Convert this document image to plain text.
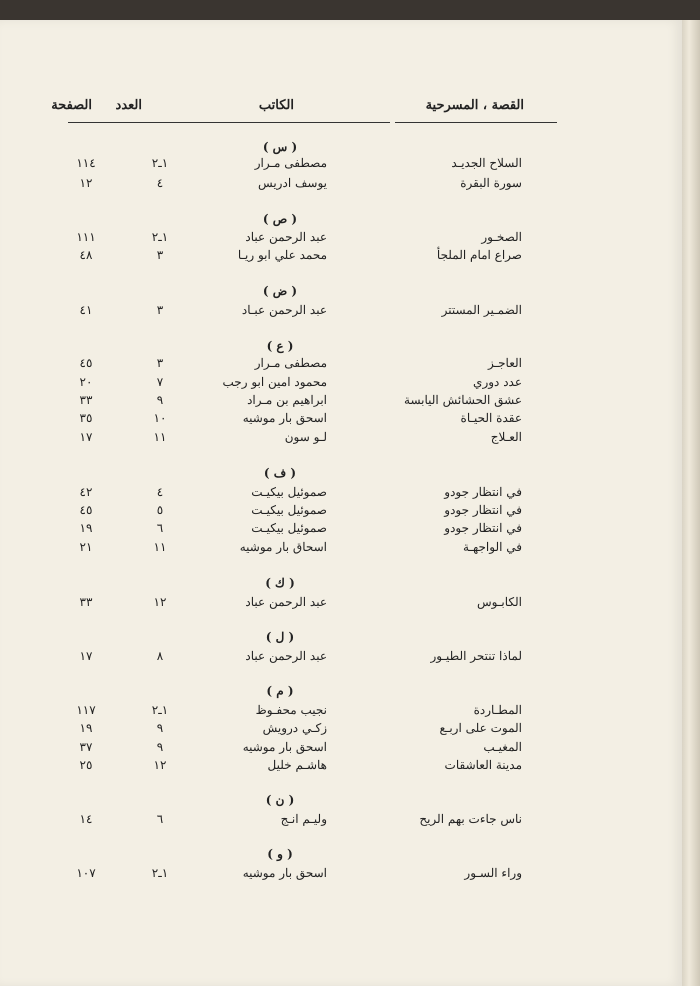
القصة ، المسرحية
الكاتب
العدد
الصفحة
( س )
السلاح الجديـد
مصطفى مـرار
١ـ٢
١١٤
سورة البقرة
يوسف ادريس
٤
١٢
( ص )
الصخـور
عبد الرحمن عباد
١ـ٢
١١١
صراع امام الملجأ
محمد علي ابو ريـا
٣
٤٨
( ض )
الضمـير المستتر
عبد الرحمن عبـاد
٣
٤١
( ع )
العاجـز
مصطفى مـرار
٣
٤٥
عدد دوري
محمود امين ابو رجب
٧
٢٠
عشق الحشائش اليابسة
ابراهيم بن مـراد
٩
٣٣
عقدة الحيـاة
اسحق بار موشيه
١٠
٣٥
العـلاج
لـو سون
١١
١٧
( ف )
في انتظار جودو
صموئيل بيكيـت
٤
٤٢
في انتظار جودو
صموئيل بيكيـت
٥
٤٥
في انتظار جودو
صموئيل بيكيـت
٦
١٩
في الواجهـة
اسحاق بار موشيه
١١
٢١
( ك )
الكابـوس
عبد الرحمن عباد
١٢
٣٣
( ل )
لماذا تنتحر الطيـور
عبد الرحمن عباد
٨
١٧
( م )
المطـاردة
نجيب محفـوظ
١ـ٢
١١٧
الموت على اربـع
زكـي درويش
٩
١٩
المغيـب
اسحق بار موشيه
٩
٣٧
مدينة العاشقات
هاشـم خليل
١٢
٢٥
( ن )
ناس جاءت بهم الريح
وليـم انـج
٦
١٤
( و )
وراء السـور
اسحق بار موشيه
١ـ٢
١٠٧
